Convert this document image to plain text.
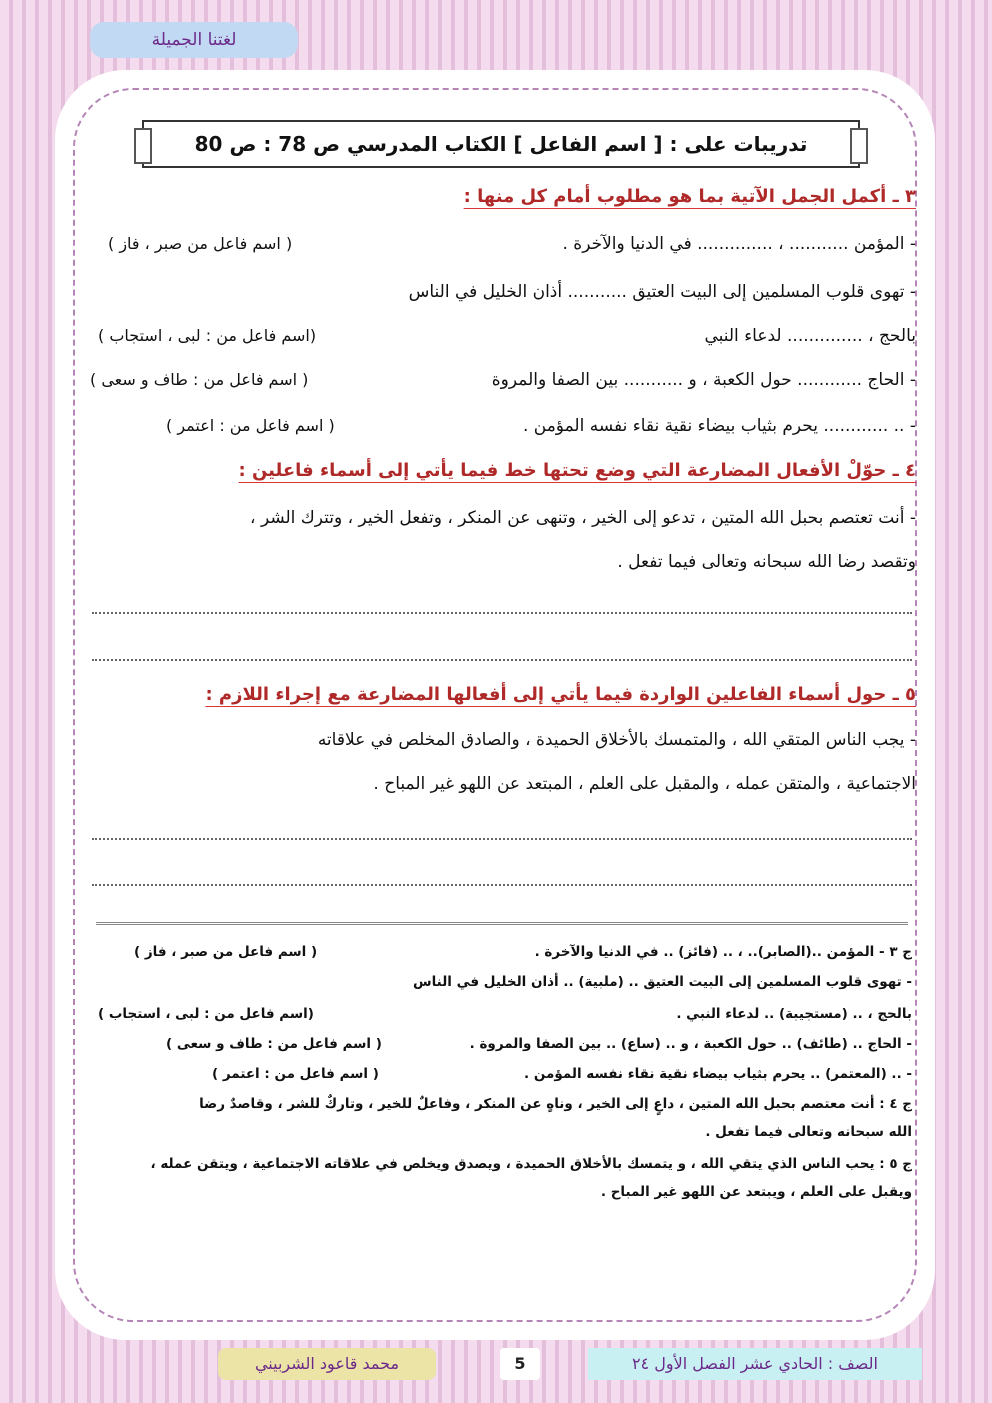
لغتنا الجميلة
تدريبات على : [ اسم الفاعل ] الكتاب المدرسي ص 78 : ص 80
٣ ـ أكمل الجمل الآتية بما هو مطلوب أمام كل منها :
- المؤمن ........... ، .............. في الدنيا والآخرة .
( اسم فاعل من صبر ، فاز )
- تهوى قلوب المسلمين إلى البيت العتيق ........... أذان الخليل في الناس
بالحج ، .............. لدعاء النبي
(اسم فاعل من : لبى ، استجاب )
- الحاج ............ حول الكعبة ، و ........... بين الصفا والمروة
( اسم فاعل من : طاف و سعى )
- .. ............ يحرم بثياب بيضاء نقية نقاء نفسه المؤمن .
( اسم فاعل من : اعتمر )
٤ ـ حوّلْ الأفعال المضارعة التي وضع تحتها خط فيما يأتي إلى أسماء فاعلين :
- أنت تعتصم بحبل الله المتين ، تدعو إلى الخير ، وتنهى عن المنكر ، وتفعل الخير ، وتترك الشر ،
وتقصد رضا الله سبحانه وتعالى فيما تفعل .
٥ ـ حول أسماء الفاعلين الواردة فيما يأتي إلى أفعالها المضارعة مع إجراء اللازم :
- يجب الناس المتقي الله ، والمتمسك بالأخلاق الحميدة ، والصادق المخلص في علاقاته
الاجتماعية ، والمتقن عمله ، والمقبل على العلم ، المبتعد عن اللهو غير المباح .
ج ٣ - المؤمن ..(الصابر).. ، .. (فائز) .. في الدنيا والآخرة .
( اسم فاعل من صبر ، فاز )
- تهوى قلوب المسلمين إلى البيت العتيق .. (ملبية) .. أذان الخليل في الناس
بالحج ، .. (مستجيبة) .. لدعاء النبي .
(اسم فاعل من : لبى ، استجاب )
- الحاج .. (طائف) .. حول الكعبة ، و .. (ساع) .. بين الصفا والمروة .
( اسم فاعل من : طاف و سعى )
- .. (المعتمر) .. يحرم بثياب بيضاء نقية نقاء نفسه المؤمن .
( اسم فاعل من : اعتمر )
ج ٤ : أنت معتصم بحبل الله المتين ، داعٍ إلى الخير ، وناهٍ عن المنكر ، وفاعلٌ للخير ، وتاركٌ للشر ، وقاصدٌ رضا
الله سبحانه وتعالى فيما تفعل .
ج ٥ : يحب الناس الذي يتقي الله ، و يتمسك بالأخلاق الحميدة ، ويصدق ويخلص في علاقاته الاجتماعية ، ويتقن عمله ،
ويقبل على العلم ، ويبتعد عن اللهو غير المباح .
محمد قاعود الشربيني	5	الصف : الحادي عشر الفصل الأول ٢٤
